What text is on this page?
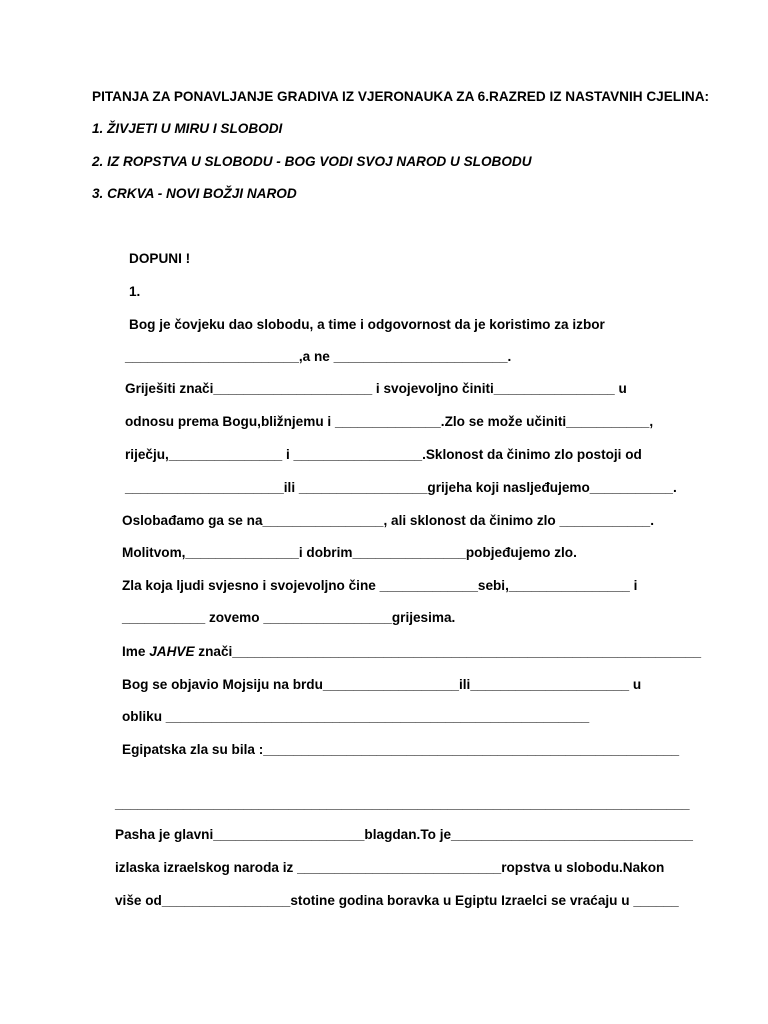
PITANJA ZA PONAVLJANJE GRADIVA IZ VJERONAUKA ZA 6.RAZRED IZ NASTAVNIH CJELINA:

1. ŽIVJETI U MIRU I SLOBODI

2. IZ ROPSTVA U SLOBODU - BOG VODI SVOJ NAROD U SLOBODU

3. CRKVA - NOVI BOŽJI NAROD

DOPUNI !

1.

Bog je čovjeku dao slobodu, a time i odgovornost da je koristimo za izbor

_______________________,a ne _______________________.

Griješiti znači_____________________ i svojevoljno činiti________________ u

odnosu prema Bogu,bližnjemu i ______________.Zlo se može učiniti___________,

riječju,_______________ i _________________.Sklonost da činimo zlo postoji od

_____________________ili _________________grijeha koji nasljeđujemo___________.

Oslobađamo ga se na________________, ali sklonost da činimo zlo ____________.

Molitvom,_______________i dobrim_______________pobjeđujemo zlo.

Zla koja ljudi svjesno i svojevoljno čine _____________sebi,________________ i

___________ zovemo _________________grijesima.

Ime JAHVE znači______________________________________________________________

Bog se objavio Mojsiju na brdu__________________ili_____________________ u

obliku ________________________________________________________

Egipatska zla su bila :_______________________________________________________

____________________________________________________________________________

Pasha je glavni____________________blagdan.To je________________________________

izlaska izraelskog naroda iz ___________________________ropstva u slobodu.Nakon

više od_________________stotine godina boravka u Egiptu Izraelci se vraćaju u ______
